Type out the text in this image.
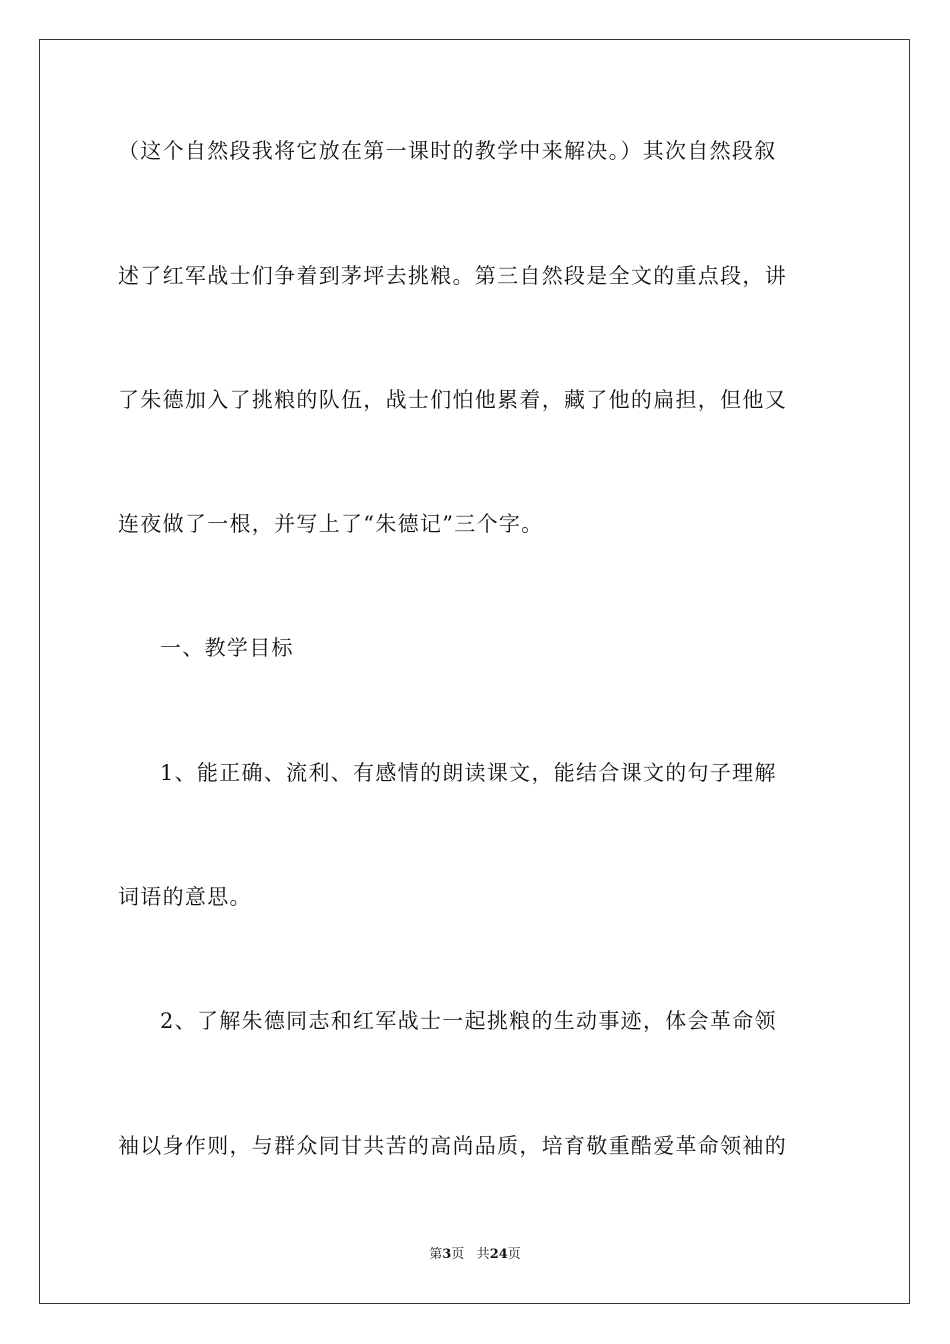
（这个自然段我将它放在第一课时的教学中来解决。）其次自然段叙
述了红军战士们争着到茅坪去挑粮。第三自然段是全文的重点段，讲
了朱德加入了挑粮的队伍，战士们怕他累着，藏了他的扁担，但他又
连夜做了一根，并写上了“朱德记”三个字。
一、教学目标
1、能正确、流利、有感情的朗读课文，能结合课文的句子理解
词语的意思。
2、了解朱德同志和红军战士一起挑粮的生动事迹，体会革命领
袖以身作则，与群众同甘共苦的高尚品质，培育敬重酷爱革命领袖的
第3页 共24页
